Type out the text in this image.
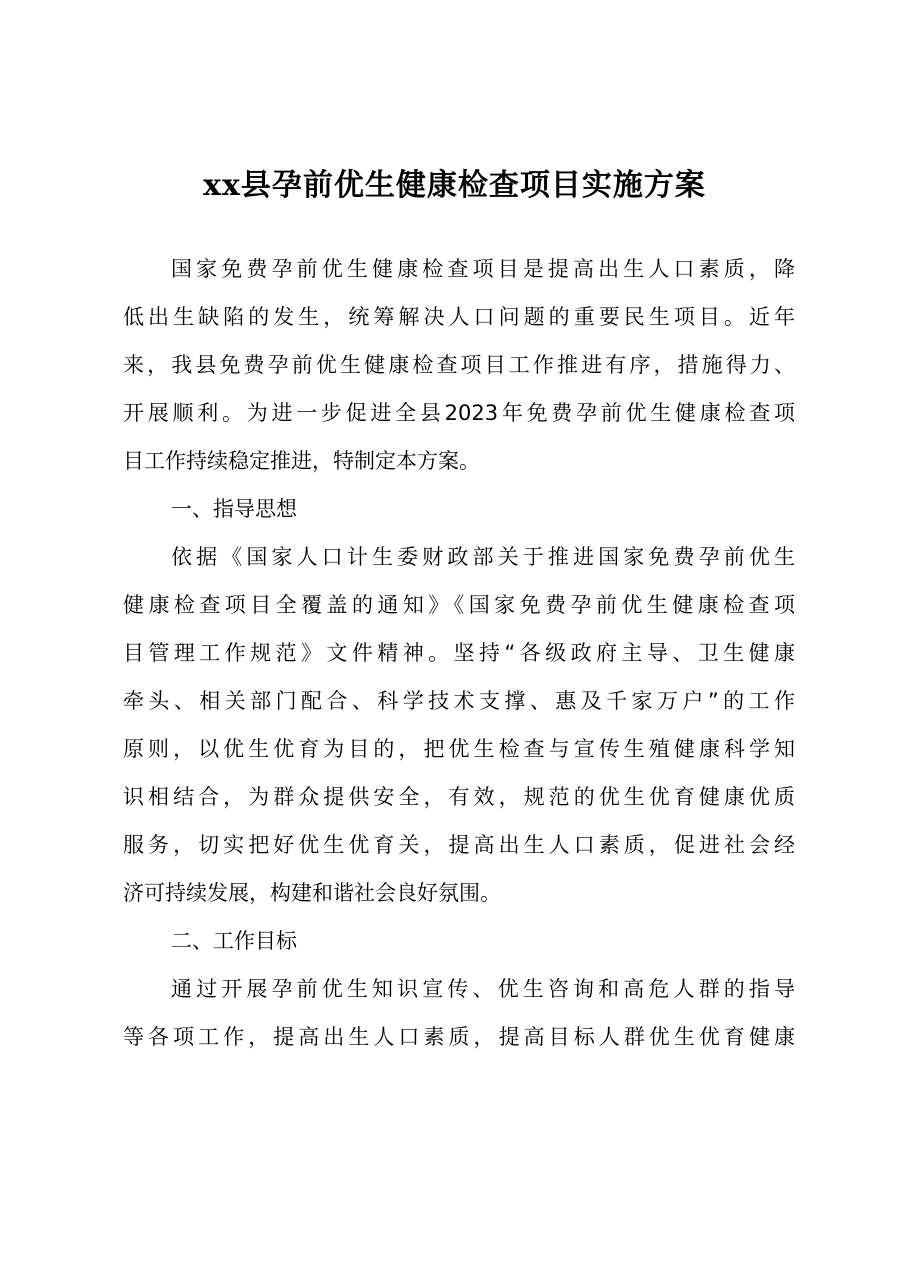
xx县孕前优生健康检查项目实施方案
国家免费孕前优生健康检查项目是提高出生人口素质，降
低出生缺陷的发生，统筹解决人口问题的重要民生项目。近年
来，我县免费孕前优生健康检查项目工作推进有序，措施得力、
开展顺利。为进一步促进全县2023年免费孕前优生健康检查项
目工作持续稳定推进，特制定本方案。
一、指导思想
依据《国家人口计生委财政部关于推进国家免费孕前优生
健康检查项目全覆盖的通知》《国家免费孕前优生健康检查项
目管理工作规范》文件精神。坚持“各级政府主导、卫生健康
牵头、相关部门配合、科学技术支撑、惠及千家万户”的工作
原则，以优生优育为目的，把优生检查与宣传生殖健康科学知
识相结合，为群众提供安全，有效，规范的优生优育健康优质
服务，切实把好优生优育关，提高出生人口素质，促进社会经
济可持续发展，构建和谐社会良好氛围。
二、工作目标
通过开展孕前优生知识宣传、优生咨询和高危人群的指导
等各项工作，提高出生人口素质，提高目标人群优生优育健康
